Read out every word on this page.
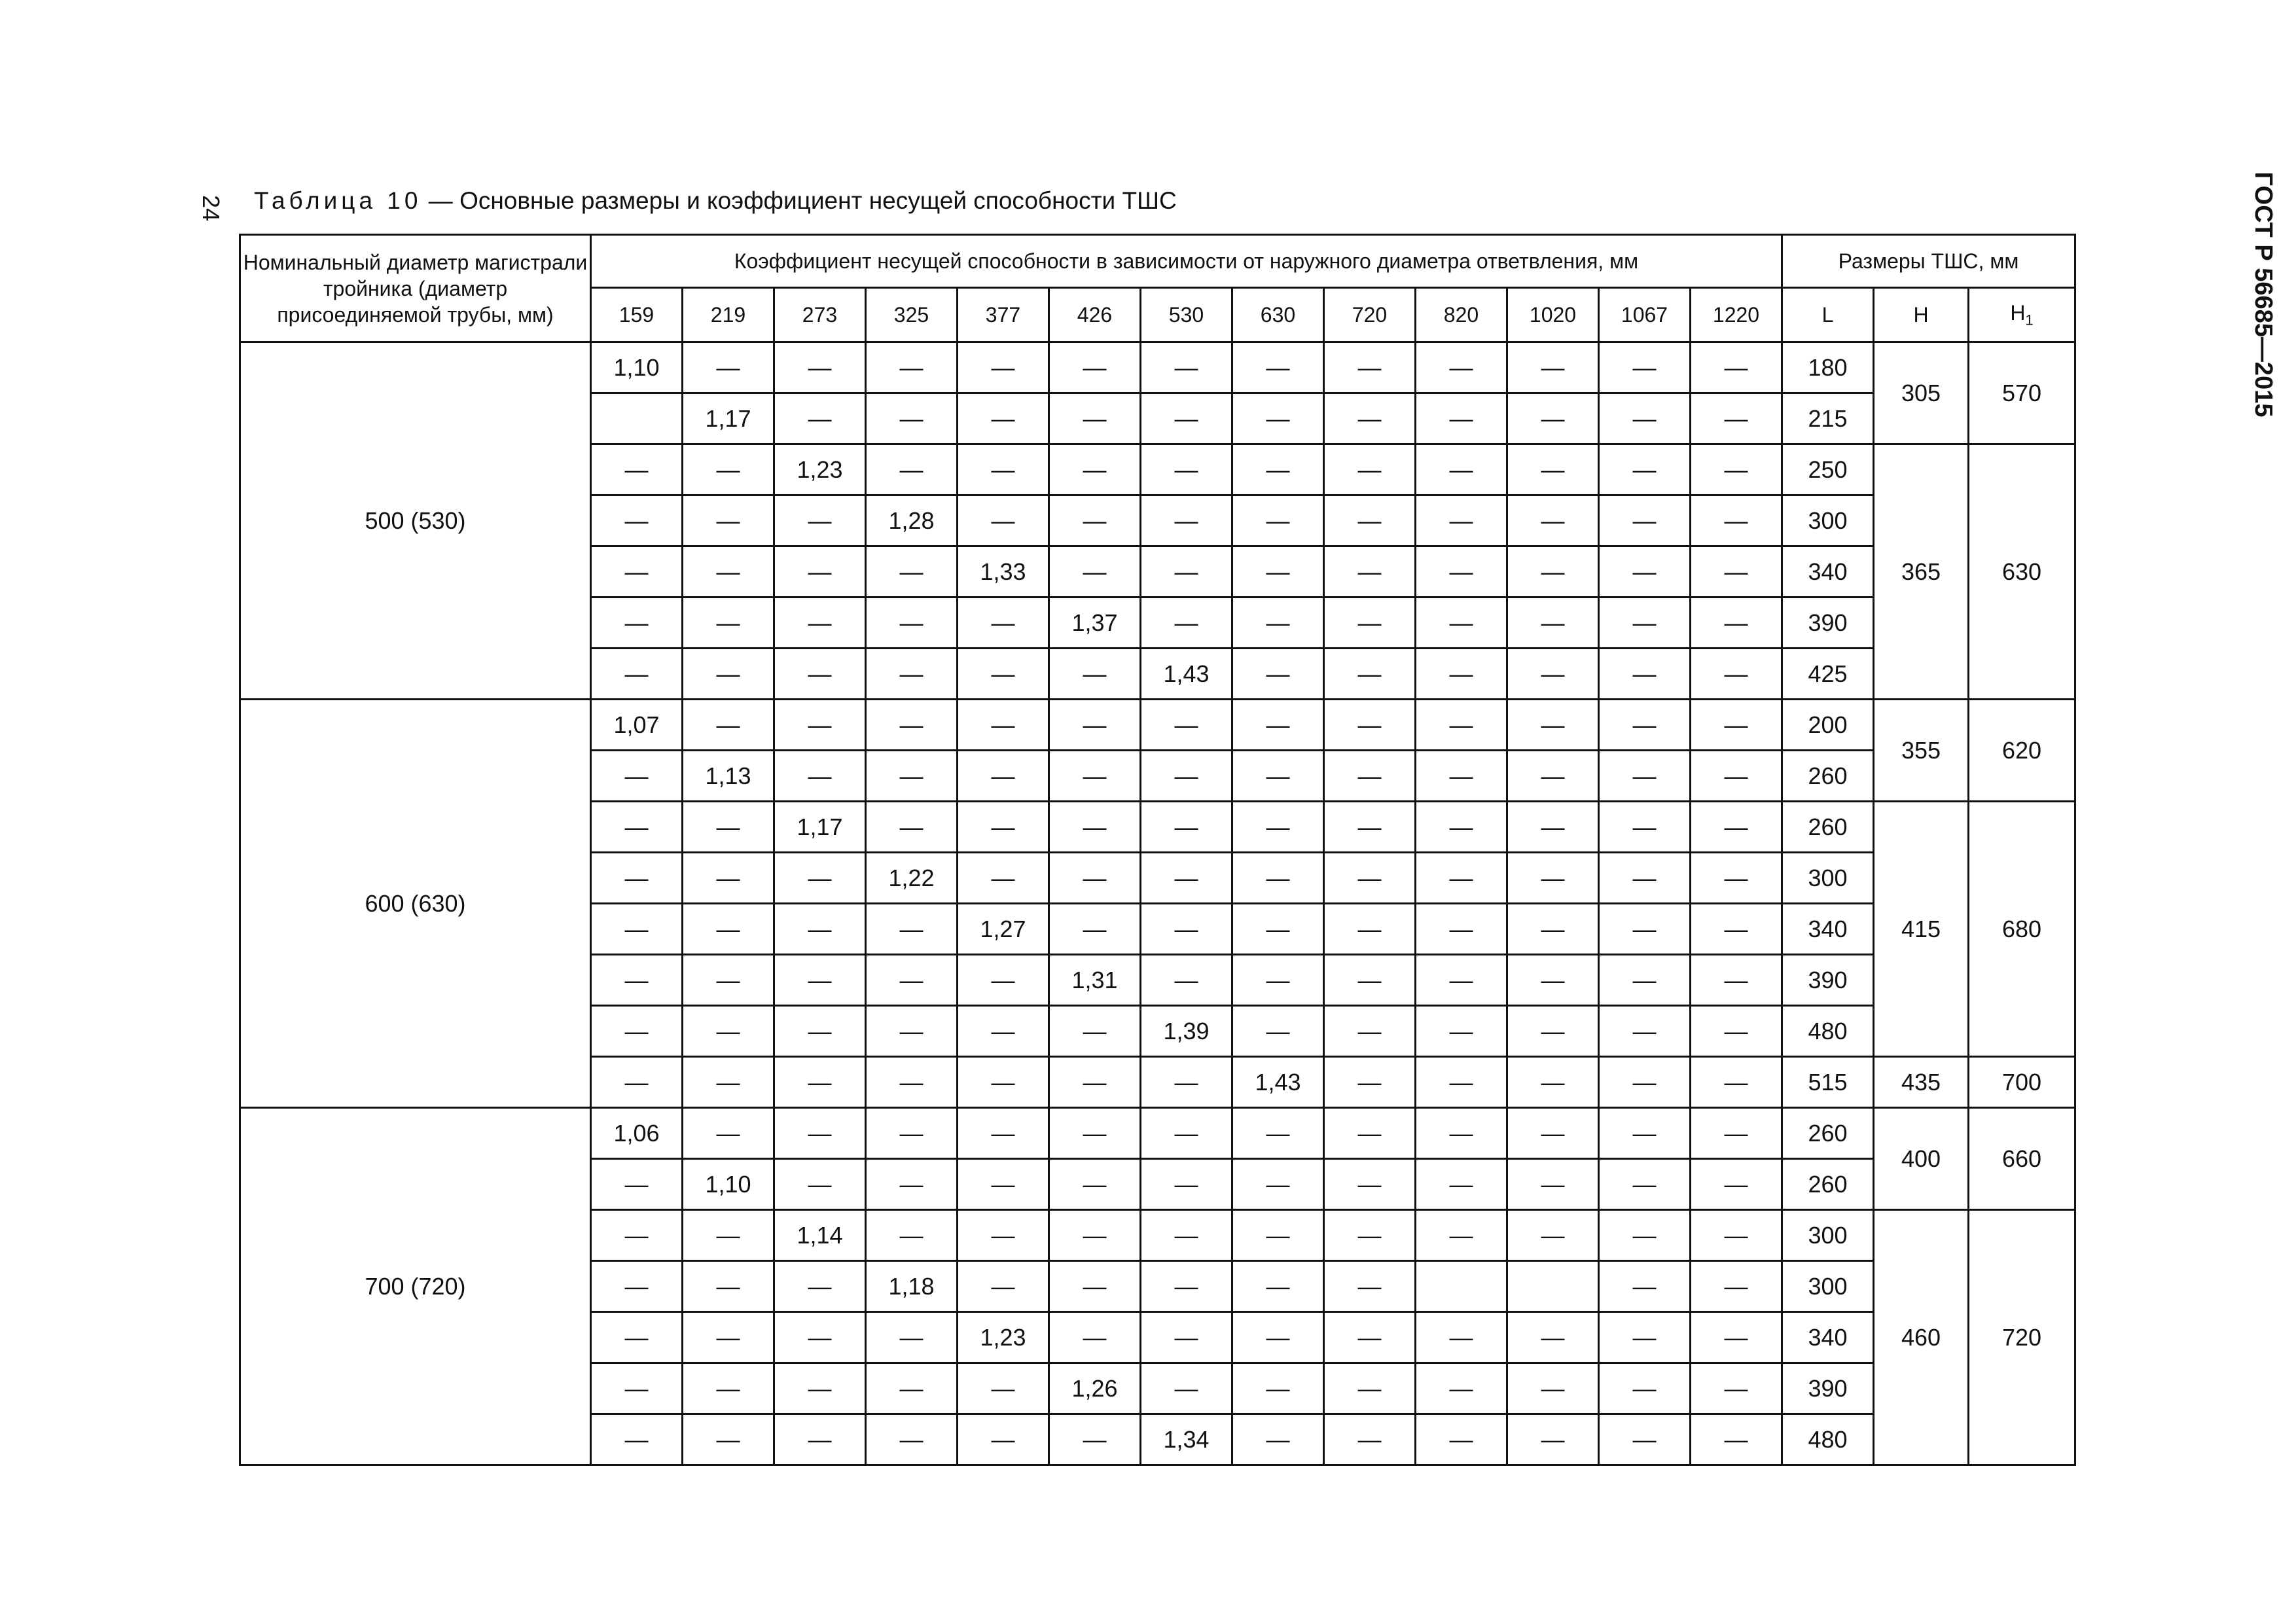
24	ГОСТ Р 56685—2015
Таблица 10 — Основные размеры и коэффициент несущей способности ТШС
Номинальный диаметр магистрали тройника (диаметр присоединяемой трубы, мм)	Коэффициент несущей способности в зависимости от наружного диаметра ответвления, мм													Размеры ТШС, мм		
	159	219	273	325	377	426	530	630	720	820	1020	1067	1220	L	H	$H_1$
500 (530)	1,10	—	—	—	—	—	—	—	—	—	—	—	—	180	305	570
		1,17	—	—	—	—	—	—	—	—	—	—	—	215		
	—	—	1,23	—	—	—	—	—	—	—	—	—	—	250	365	630
	—	—	—	1,28	—	—	—	—	—	—	—	—	—	300		
	—	—	—	—	1,33	—	—	—	—	—	—	—	—	340		
	—	—	—	—	—	1,37	—	—	—	—	—	—	—	390		
	—	—	—	—	—	—	1,43	—	—	—	—	—	—	425		
600 (630)	1,07	—	—	—	—	—	—	—	—	—	—	—	—	200	355	620
	—	1,13	—	—	—	—	—	—	—	—	—	—	—	260		
	—	—	1,17	—	—	—	—	—	—	—	—	—	—	260	415	680
	—	—	—	1,22	—	—	—	—	—	—	—	—	—	300		
	—	—	—	—	1,27	—	—	—	—	—	—	—	—	340		
	—	—	—	—	—	1,31	—	—	—	—	—	—	—	390		
	—	—	—	—	—	—	1,39	—	—	—	—	—	—	480		
	—	—	—	—	—	—	—	1,43	—	—	—	—	—	515	435	700
700 (720)	1,06	—	—	—	—	—	—	—	—	—	—	—	—	260	400	660
	—	1,10	—	—	—	—	—	—	—	—	—	—	—	260		
	—	—	1,14	—	—	—	—	—	—	—	—	—	—	300	460	720
	—	—	—	1,18	—	—	—	—	—			—	—	300		
	—	—	—	—	1,23	—	—	—	—	—	—	—	—	340		
	—	—	—	—	—	1,26	—	—	—	—	—	—	—	390		
	—	—	—	—	—	—	1,34	—	—	—	—	—	—	480		
